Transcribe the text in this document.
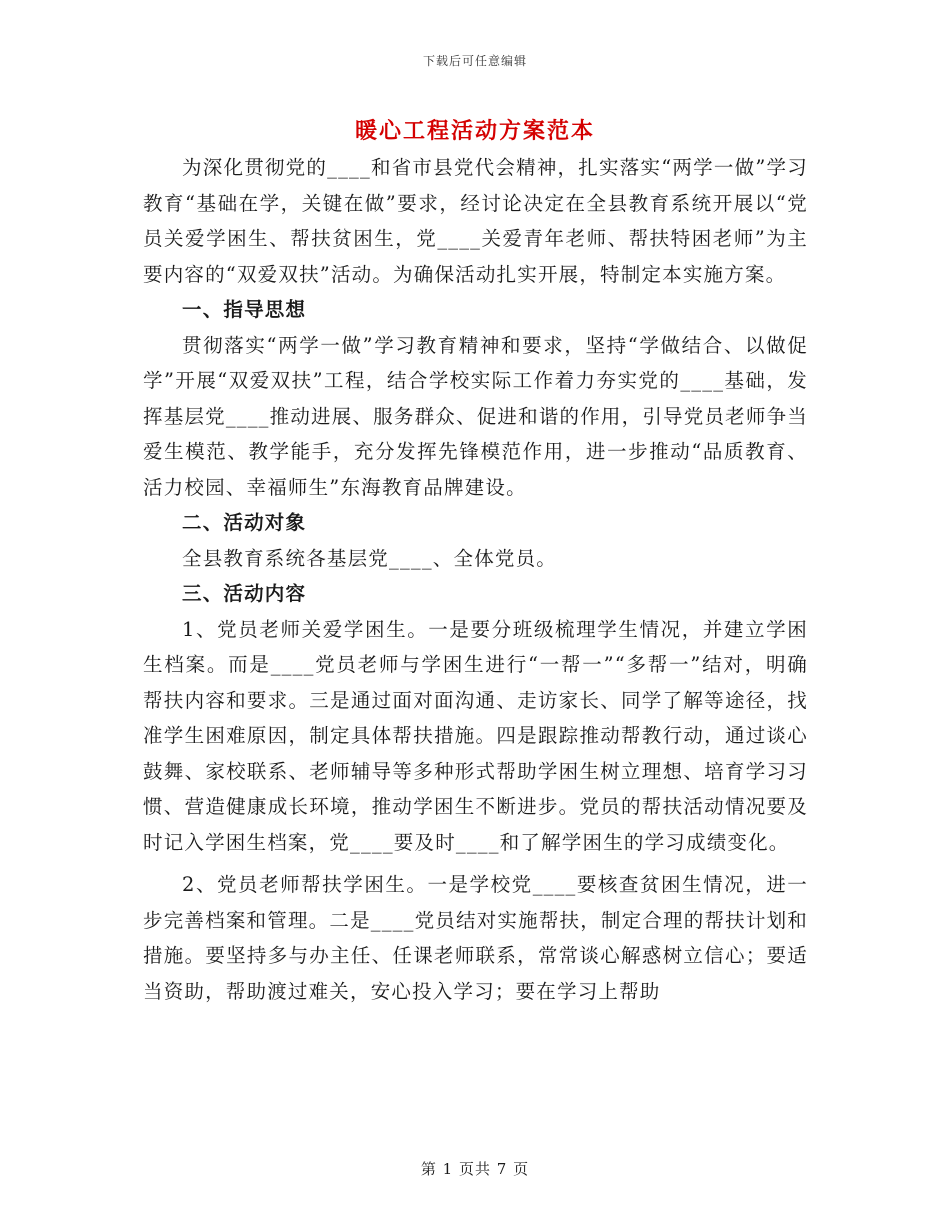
下载后可任意编辑
暖心工程活动方案范本

为深化贯彻党的____和省市县党代会精神，扎实落实“两学一做”学习教育“基础在学，关键在做”要求，经讨论决定在全县教育系统开展以“党员关爱学困生、帮扶贫困生，党____关爱青年老师、帮扶特困老师”为主要内容的“双爱双扶”活动。为确保活动扎实开展，特制定本实施方案。

一、指导思想

贯彻落实“两学一做”学习教育精神和要求，坚持“学做结合、以做促学”开展“双爱双扶”工程，结合学校实际工作着力夯实党的____基础，发挥基层党____推动进展、服务群众、促进和谐的作用，引导党员老师争当爱生模范、教学能手，充分发挥先锋模范作用，进一步推动“品质教育、活力校园、幸福师生”东海教育品牌建设。

二、活动对象

全县教育系统各基层党____、全体党员。

三、活动内容

1、党员老师关爱学困生。一是要分班级梳理学生情况，并建立学困生档案。而是____党员老师与学困生进行“一帮一”“多帮一”结对，明确帮扶内容和要求。三是通过面对面沟通、走访家长、同学了解等途径，找准学生困难原因，制定具体帮扶措施。四是跟踪推动帮教行动，通过谈心鼓舞、家校联系、老师辅导等多种形式帮助学困生树立理想、培育学习习惯、营造健康成长环境，推动学困生不断进步。党员的帮扶活动情况要及时记入学困生档案，党____要及时____和了解学困生的学习成绩变化。

2、党员老师帮扶学困生。一是学校党____要核查贫困生情况，进一步完善档案和管理。二是____党员结对实施帮扶，制定合理的帮扶计划和措施。要坚持多与办主任、任课老师联系，常常谈心解惑树立信心；要适当资助，帮助渡过难关，安心投入学习；要在学习上帮助

第 1 页共 7 页
